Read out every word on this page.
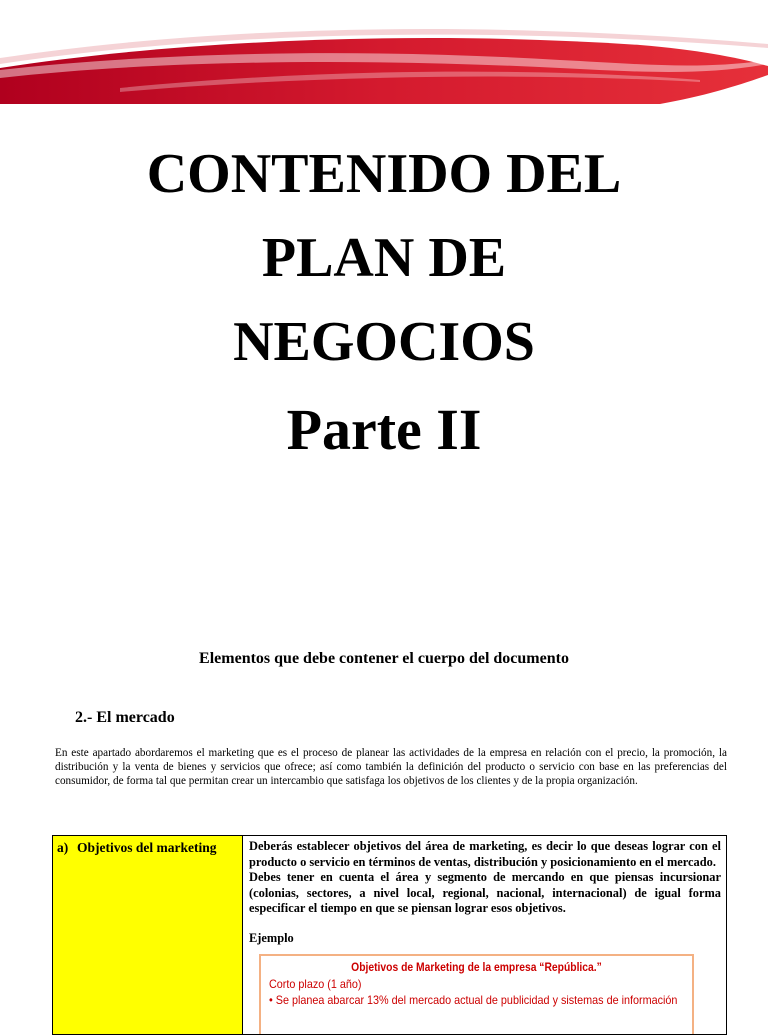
CONTENIDO DEL
PLAN DE
NEGOCIOS
Parte II

Elementos que debe contener el cuerpo del documento

2.- El mercado

En este apartado abordaremos el marketing que es el proceso de planear las actividades de la empresa en relación con el precio, la promoción, la distribución y la venta de bienes y servicios que ofrece; así como también la definición del producto o servicio con base en las preferencias del consumidor, de forma tal que permitan crear un intercambio que satisfaga los objetivos de los clientes y de la propia organización.

a) Objetivos del marketing	Deberás establecer objetivos del área de marketing, es decir lo que deseas lograr con el producto o servicio en términos de ventas, distribución y posicionamiento en el mercado.

Debes tener en cuenta el área y segmento de mercando en que piensas incursionar (colonias, sectores, a nivel local, regional, nacional, internacional) de igual forma especificar el tiempo en que se piensan lograr esos objetivos.

Ejemplo

Objetivos de Marketing de la empresa “República.”
Corto plazo (1 año)
• Se planea abarcar 13% del mercado actual de publicidad y sistemas de información
